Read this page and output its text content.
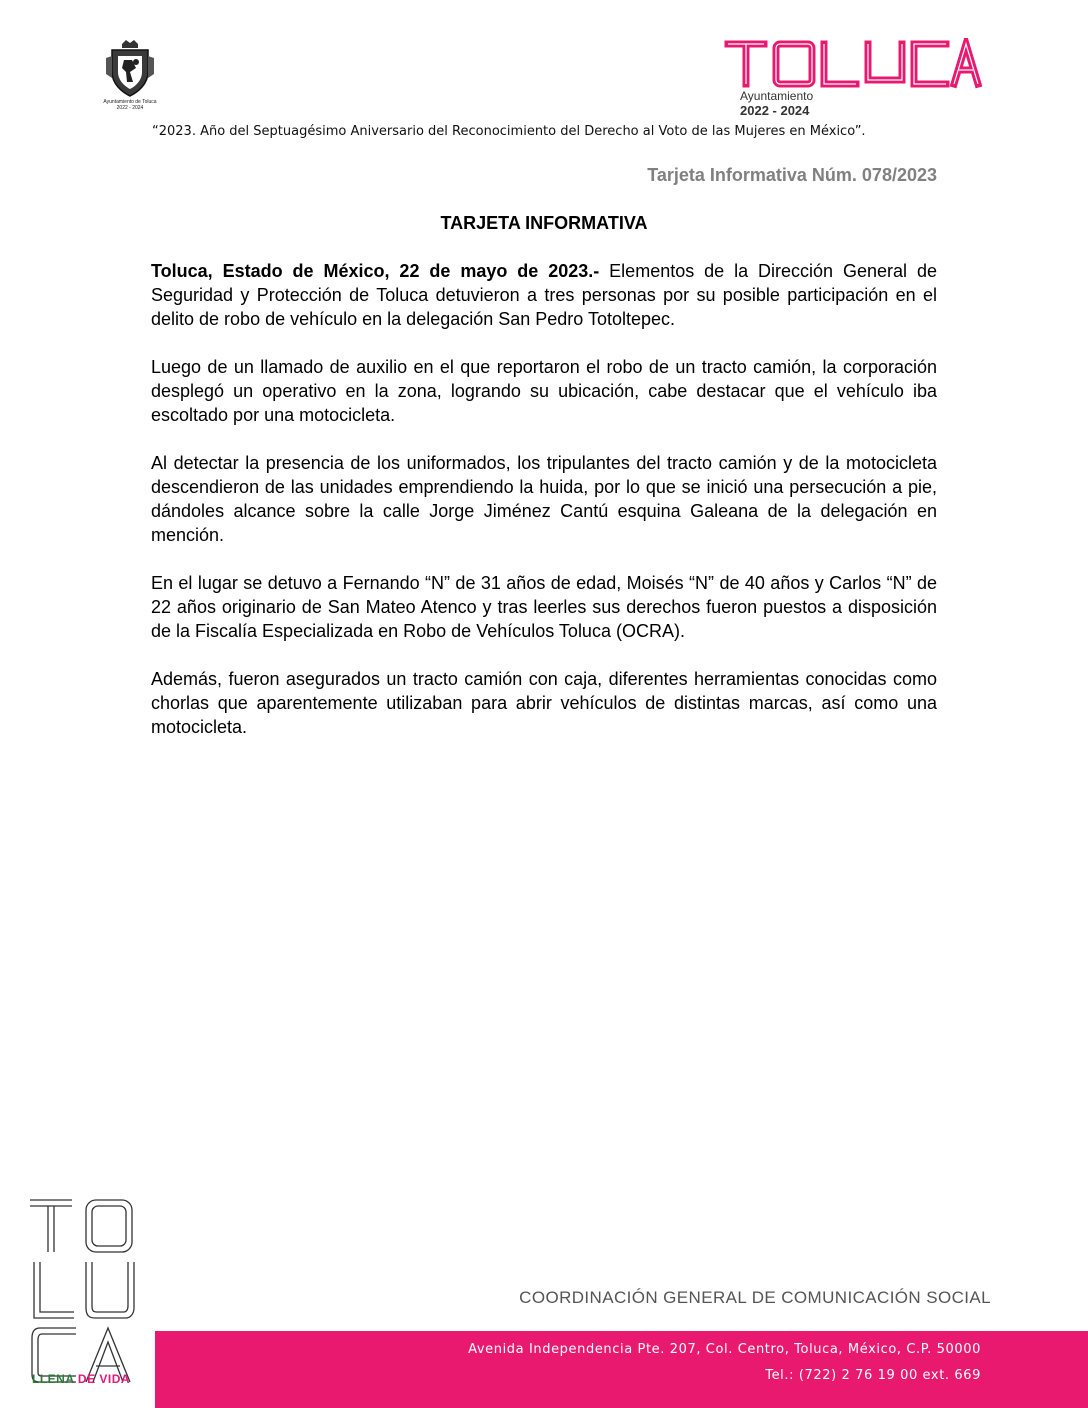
Ayuntamiento de Toluca
2022 - 2024
Ayuntamiento
2022 - 2024
“2023. Año del Septuagésimo Aniversario del Reconocimiento del Derecho al Voto de las Mujeres en México”.
Tarjeta Informativa Núm. 078/2023
TARJETA INFORMATIVA

Toluca, Estado de México, 22 de mayo de 2023.- Elementos de la Dirección General de Seguridad y Protección de Toluca detuvieron a tres personas por su posible participación en el delito de robo de vehículo en la delegación San Pedro Totoltepec.

Luego de un llamado de auxilio en el que reportaron el robo de un tracto camión, la corporación desplegó un operativo en la zona, logrando su ubicación, cabe destacar que el vehículo iba escoltado por una motocicleta.

Al detectar la presencia de los uniformados, los tripulantes del tracto camión y de la motocicleta descendieron de las unidades emprendiendo la huida, por lo que se inició una persecución a pie, dándoles alcance sobre la calle Jorge Jiménez Cantú esquina Galeana de la delegación en mención.

En el lugar se detuvo a Fernando “N” de 31 años de edad, Moisés “N” de 40 años y Carlos “N” de 22 años originario de San Mateo Atenco y tras leerles sus derechos fueron puestos a disposición de la Fiscalía Especializada en Robo de Vehículos Toluca (OCRA).

Además, fueron asegurados un tracto camión con caja, diferentes herramientas conocidas como chorlas que aparentemente utilizaban para abrir vehículos de distintas marcas, así como una motocicleta.

LLENA DE VIDA
COORDINACIÓN GENERAL DE COMUNICACIÓN SOCIAL
Avenida Independencia Pte. 207, Col. Centro, Toluca, México, C.P. 50000
Tel.: (722) 2 76 19 00 ext. 669
